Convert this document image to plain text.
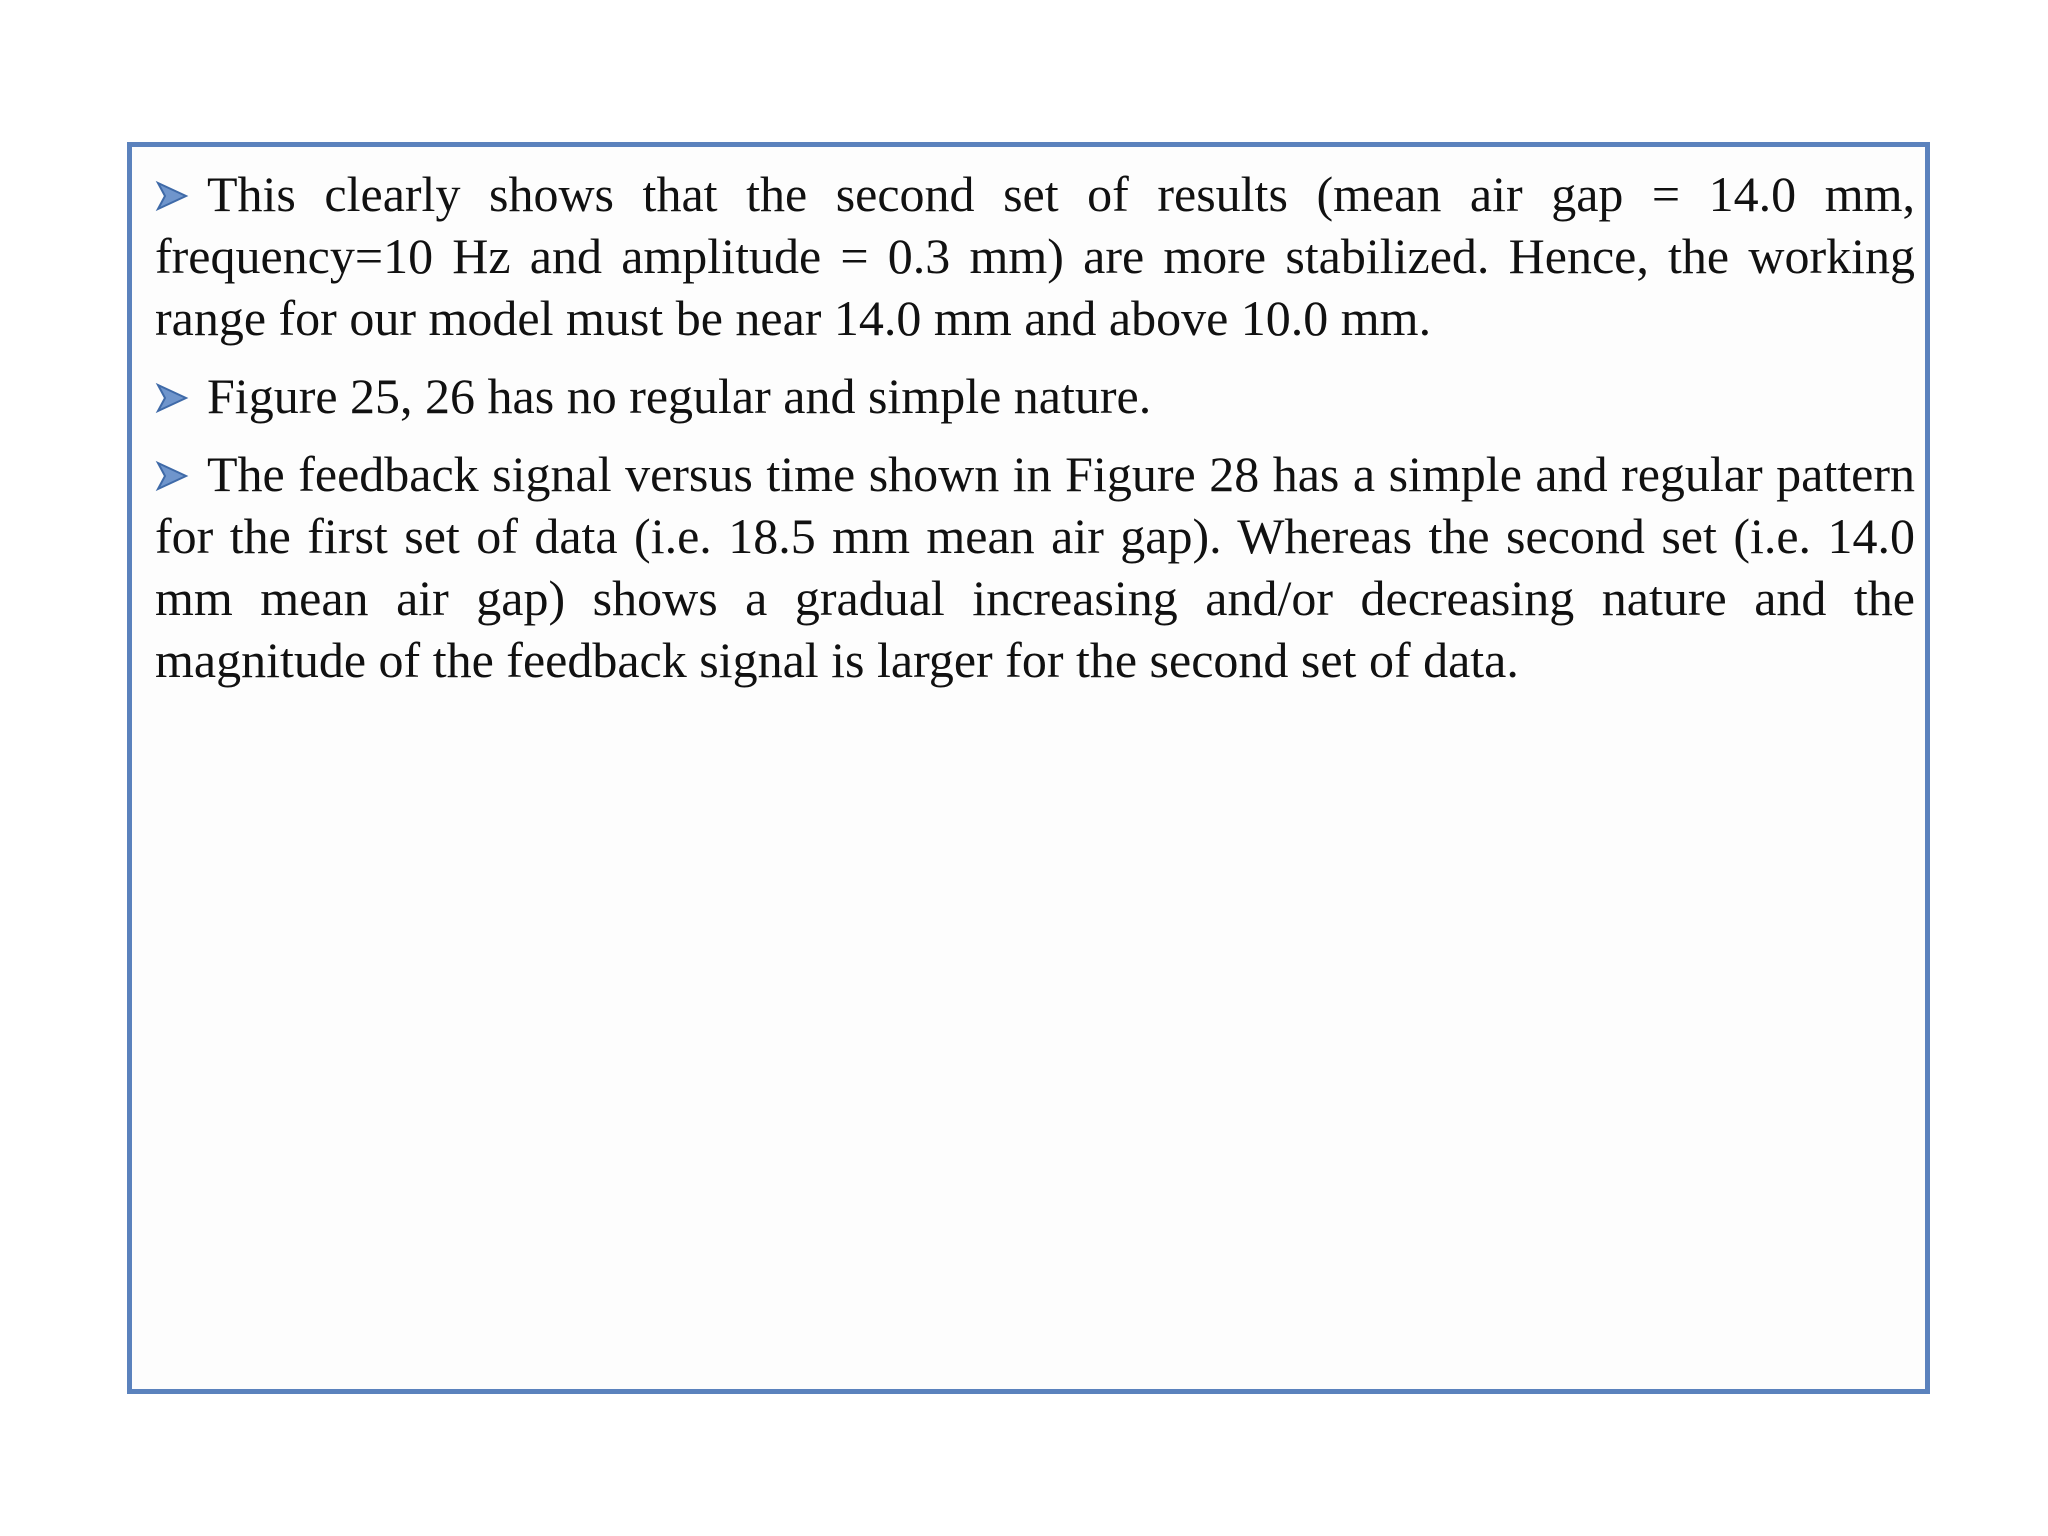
This clearly shows that the second set of results (mean air gap = 14.0 mm, frequency=10 Hz and amplitude = 0.3 mm) are more stabilized. Hence, the working range for our model must be near 14.0 mm and above 10.0 mm.

Figure 25, 26 has no regular and simple nature.

The feedback signal versus time shown in Figure 28 has a simple and regular pattern for the first set of data (i.e. 18.5 mm mean air gap). Whereas the second set (i.e. 14.0 mm mean air gap) shows a gradual increasing and/or decreasing nature and the magnitude of the feedback signal is larger for the second set of data.
